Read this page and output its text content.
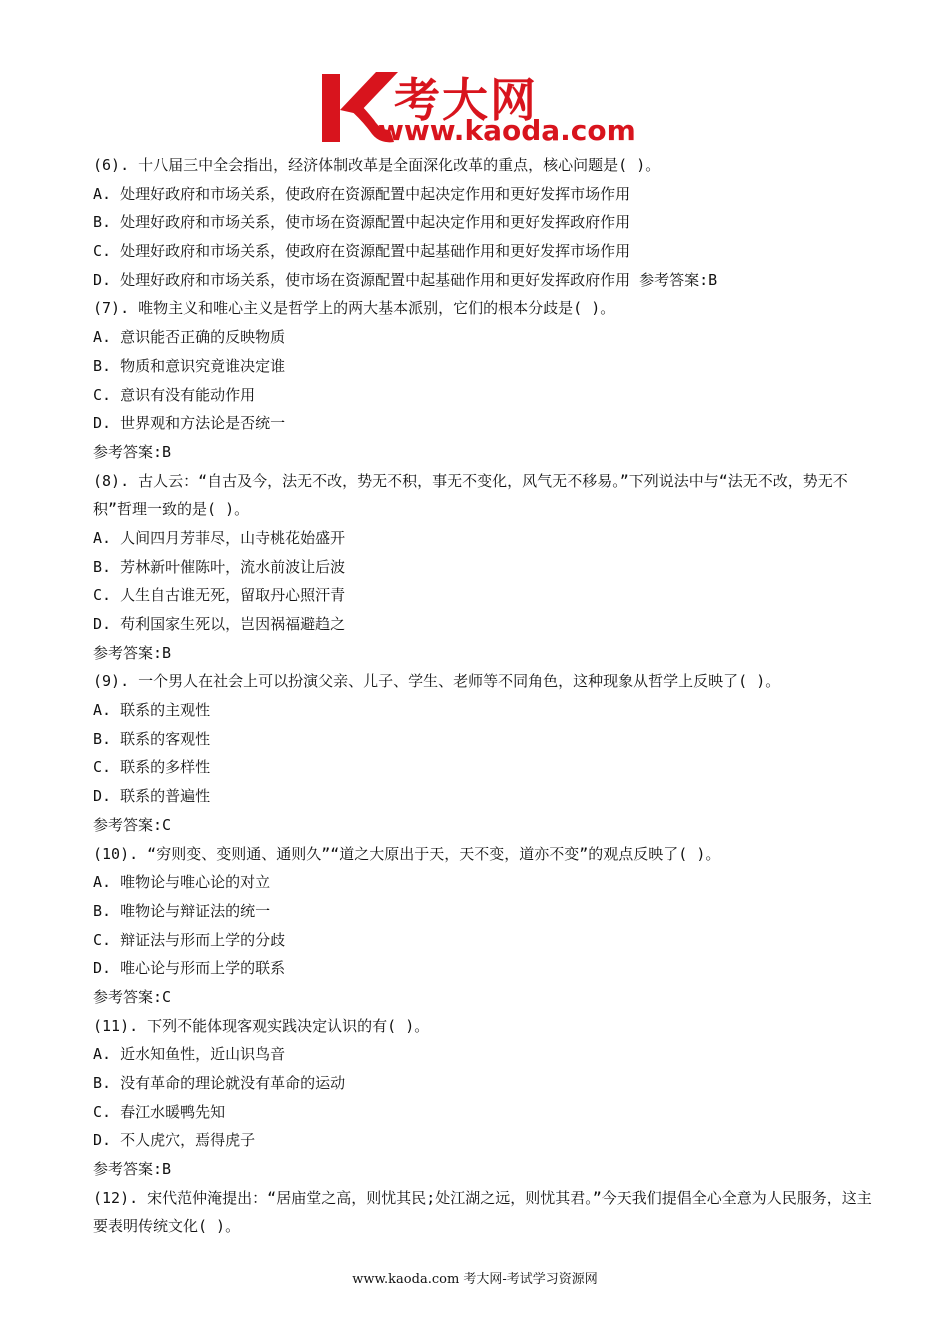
考大网
www.kaoda.com
(6). 十八届三中全会指出，经济体制改革是全面深化改革的重点，核心问题是( )。
A. 处理好政府和市场关系，使政府在资源配置中起决定作用和更好发挥市场作用
B. 处理好政府和市场关系，使市场在资源配置中起决定作用和更好发挥政府作用
C. 处理好政府和市场关系，使政府在资源配置中起基础作用和更好发挥市场作用
D. 处理好政府和市场关系，使市场在资源配置中起基础作用和更好发挥政府作用 参考答案:B
(7). 唯物主义和唯心主义是哲学上的两大基本派别，它们的根本分歧是( )。
A. 意识能否正确的反映物质
B. 物质和意识究竟谁决定谁
C. 意识有没有能动作用
D. 世界观和方法论是否统一
参考答案:B
(8). 古人云：“自古及今，法无不改，势无不积，事无不变化，风气无不移易。”下列说法中与“法无不改，势无不积”哲理一致的是( )。
A. 人间四月芳菲尽，山寺桃花始盛开
B. 芳林新叶催陈叶，流水前波让后波
C. 人生自古谁无死，留取丹心照汗青
D. 苟利国家生死以，岂因祸福避趋之
参考答案:B
(9). 一个男人在社会上可以扮演父亲、儿子、学生、老师等不同角色，这种现象从哲学上反映了( )。
A. 联系的主观性
B. 联系的客观性
C. 联系的多样性
D. 联系的普遍性
参考答案:C
(10). “穷则变、变则通、通则久”“道之大原出于天，天不变，道亦不变”的观点反映了( )。
A. 唯物论与唯心论的对立
B. 唯物论与辩证法的统一
C. 辩证法与形而上学的分歧
D. 唯心论与形而上学的联系
参考答案:C
(11). 下列不能体现客观实践决定认识的有( )。
A. 近水知鱼性，近山识鸟音
B. 没有革命的理论就没有革命的运动
C. 春江水暖鸭先知
D. 不人虎穴，焉得虎子
参考答案:B
(12). 宋代范仲淹提出：“居庙堂之高，则忧其民;处江湖之远，则忧其君。”今天我们提倡全心全意为人民服务，这主要表明传统文化( )。
www.kaoda.com 考大网-考试学习资源网
